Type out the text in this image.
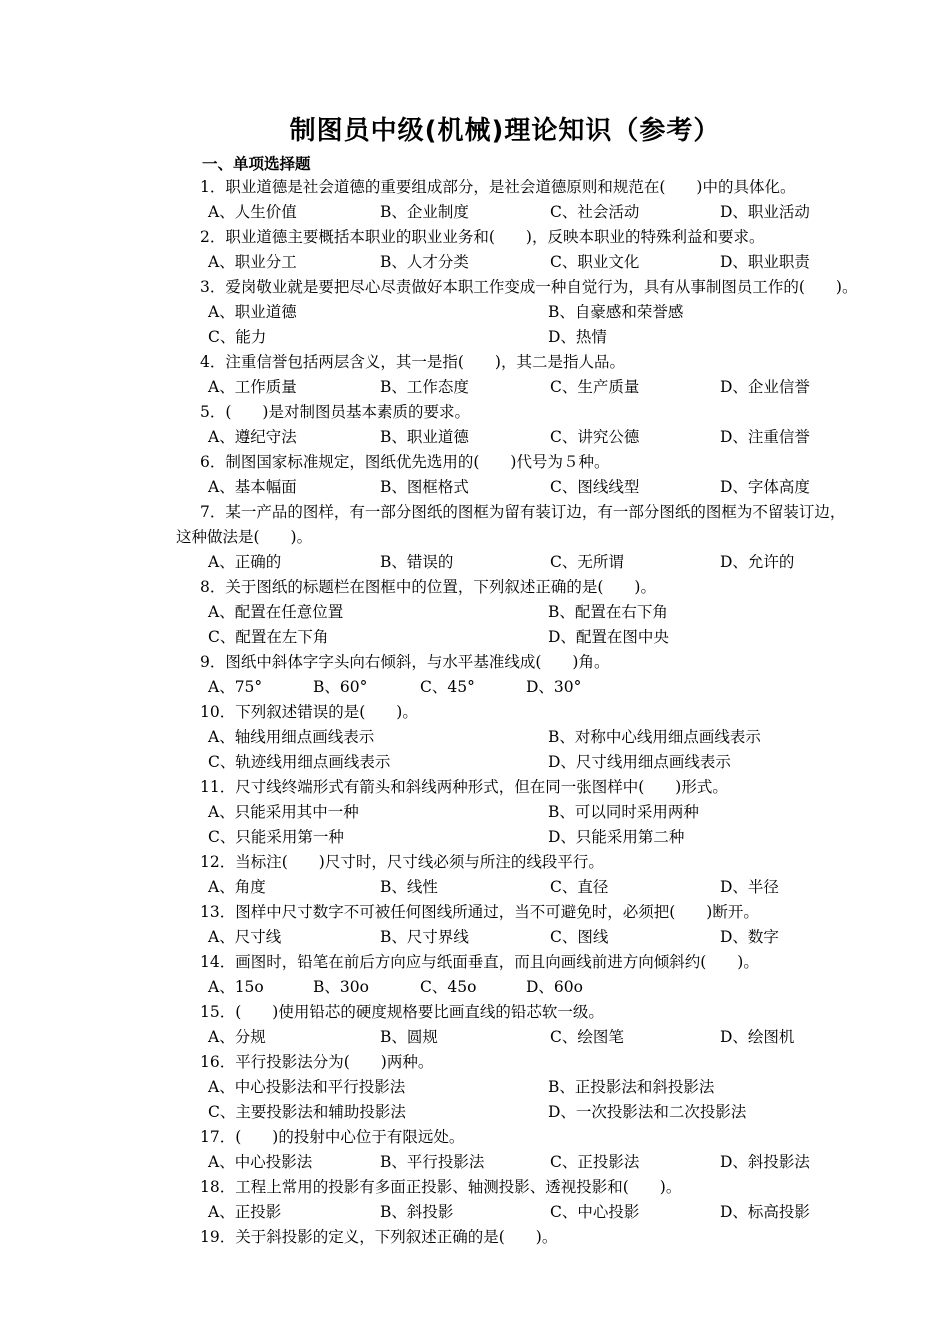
制图员中级(机械)理论知识（参考）
一、单项选择题
1．职业道德是社会道德的重要组成部分，是社会道德原则和规范在(　　)中的具体化。
A、人生价值	B、企业制度	C、社会活动	D、职业活动
2．职业道德主要概括本职业的职业业务和(　　)，反映本职业的特殊利益和要求。
A、职业分工	B、人才分类	C、职业文化	D、职业职责
3．爱岗敬业就是要把尽心尽责做好本职工作变成一种自觉行为，具有从事制图员工作的(　　)。
A、职业道德	B、自豪感和荣誉感
C、能力	D、热情
4．注重信誉包括两层含义，其一是指(　　)，其二是指人品。
A、工作质量	B、工作态度	C、生产质量	D、企业信誉
5．(　　)是对制图员基本素质的要求。
A、遵纪守法	B、职业道德	C、讲究公德	D、注重信誉
6．制图国家标准规定，图纸优先选用的(　　)代号为５种。
A、基本幅面	B、图框格式	C、图线线型	D、字体高度
7．某一产品的图样，有一部分图纸的图框为留有装订边，有一部分图纸的图框为不留装订边，
这种做法是(　　)。
A、正确的	B、错误的	C、无所谓	D、允许的
8．关于图纸的标题栏在图框中的位置，下列叙述正确的是(　　)。
A、配置在任意位置	B、配置在右下角
C、配置在左下角	D、配置在图中央
9．图纸中斜体字字头向右倾斜，与水平基准线成(　　)角。
A、75°	B、60°	C、45°	D、30°
10．下列叙述错误的是(　　)。
A、轴线用细点画线表示	B、对称中心线用细点画线表示
C、轨迹线用细点画线表示	D、尺寸线用细点画线表示
11．尺寸线终端形式有箭头和斜线两种形式，但在同一张图样中(　　)形式。
A、只能采用其中一种	B、可以同时采用两种
C、只能采用第一种	D、只能采用第二种
12．当标注(　　)尺寸时，尺寸线必须与所注的线段平行。
A、角度	B、线性	C、直径	D、半径
13．图样中尺寸数字不可被任何图线所通过，当不可避免时，必须把(　　)断开。
A、尺寸线	B、尺寸界线	C、图线	D、数字
14．画图时，铅笔在前后方向应与纸面垂直，而且向画线前进方向倾斜约(　　)。
A、15o	B、30o	C、45o	D、60o
15．(　　)使用铅芯的硬度规格要比画直线的铅芯软一级。
A、分规	B、圆规	C、绘图笔	D、绘图机
16．平行投影法分为(　　)两种。
A、中心投影法和平行投影法	B、正投影法和斜投影法
C、主要投影法和辅助投影法	D、一次投影法和二次投影法
17．(　　)的投射中心位于有限远处。
A、中心投影法	B、平行投影法	C、正投影法	D、斜投影法
18．工程上常用的投影有多面正投影、轴测投影、透视投影和(　　)。
A、正投影	B、斜投影	C、中心投影	D、标高投影
19．关于斜投影的定义，下列叙述正确的是(　　)。
